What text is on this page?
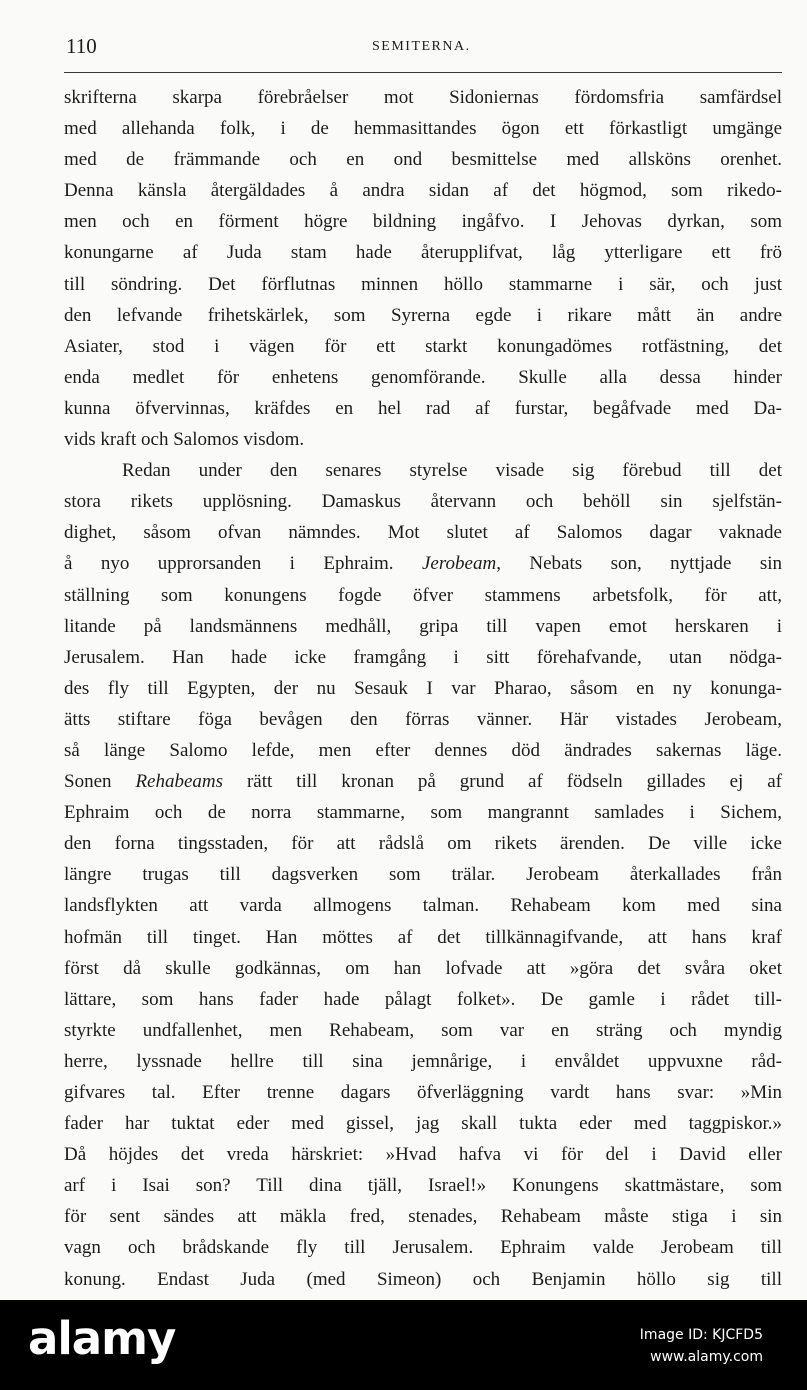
110	SEMITERNA.
skrifterna skarpa förebråelser mot Sidoniernas fördomsfria samfärdsel
med allehanda folk, i de hemmasittandes ögon ett förkastligt umgänge
med de främmande och en ond besmittelse med allsköns orenhet.
Denna känsla återgäldades å andra sidan af det högmod, som rikedo-
men och en förment högre bildning ingåfvo. I Jehovas dyrkan, som
konungarne af Juda stam hade återupplifvat, låg ytterligare ett frö
till söndring. Det förflutnas minnen höllo stammarne i sär, och just
den lefvande frihetskärlek, som Syrerna egde i rikare mått än andre
Asiater, stod i vägen för ett starkt konungadömes rotfästning, det
enda medlet för enhetens genomförande. Skulle alla dessa hinder
kunna öfvervinnas, kräfdes en hel rad af furstar, begåfvade med Da-
vids kraft och Salomos visdom.
Redan under den senares styrelse visade sig förebud till det
stora rikets upplösning. Damaskus återvann och behöll sin sjelfstän-
dighet, såsom ofvan nämndes. Mot slutet af Salomos dagar vaknade
å nyo upprorsanden i Ephraim. Jerobeam, Nebats son, nyttjade sin
ställning som konungens fogde öfver stammens arbetsfolk, för att,
litande på landsmännens medhåll, gripa till vapen emot herskaren i
Jerusalem. Han hade icke framgång i sitt förehafvande, utan nödga-
des fly till Egypten, der nu Sesauk I var Pharao, såsom en ny konunga-
ätts stiftare föga bevågen den förras vänner. Här vistades Jerobeam,
så länge Salomo lefde, men efter dennes död ändrades sakernas läge.
Sonen Rehabeams rätt till kronan på grund af födseln gillades ej af
Ephraim och de norra stammarne, som mangrannt samlades i Sichem,
den forna tingsstaden, för att rådslå om rikets ärenden. De ville icke
längre trugas till dagsverken som trälar. Jerobeam återkallades från
landsflykten att varda allmogens talman. Rehabeam kom med sina
hofmän till tinget. Han möttes af det tillkännagifvande, att hans kraf
först då skulle godkännas, om han lofvade att »göra det svåra oket
lättare, som hans fader hade pålagt folket». De gamle i rådet till-
styrkte undfallenhet, men Rehabeam, som var en sträng och myndig
herre, lyssnade hellre till sina jemnårige, i envåldet uppvuxne råd-
gifvares tal. Efter trenne dagars öfverläggning vardt hans svar: »Min
fader har tuktat eder med gissel, jag skall tukta eder med taggpiskor.»
Då höjdes det vreda härskriet: »Hvad hafva vi för del i David eller
arf i Isai son? Till dina tjäll, Israel!» Konungens skattmästare, som
för sent sändes att mäkla fred, stenades, Rehabeam måste stiga i sin
vagn och brådskande fly till Jerusalem. Ephraim valde Jerobeam till
konung. Endast Juda (med Simeon) och Benjamin höllo sig till
alamy	Image ID: KJCFD5
www.alamy.com
